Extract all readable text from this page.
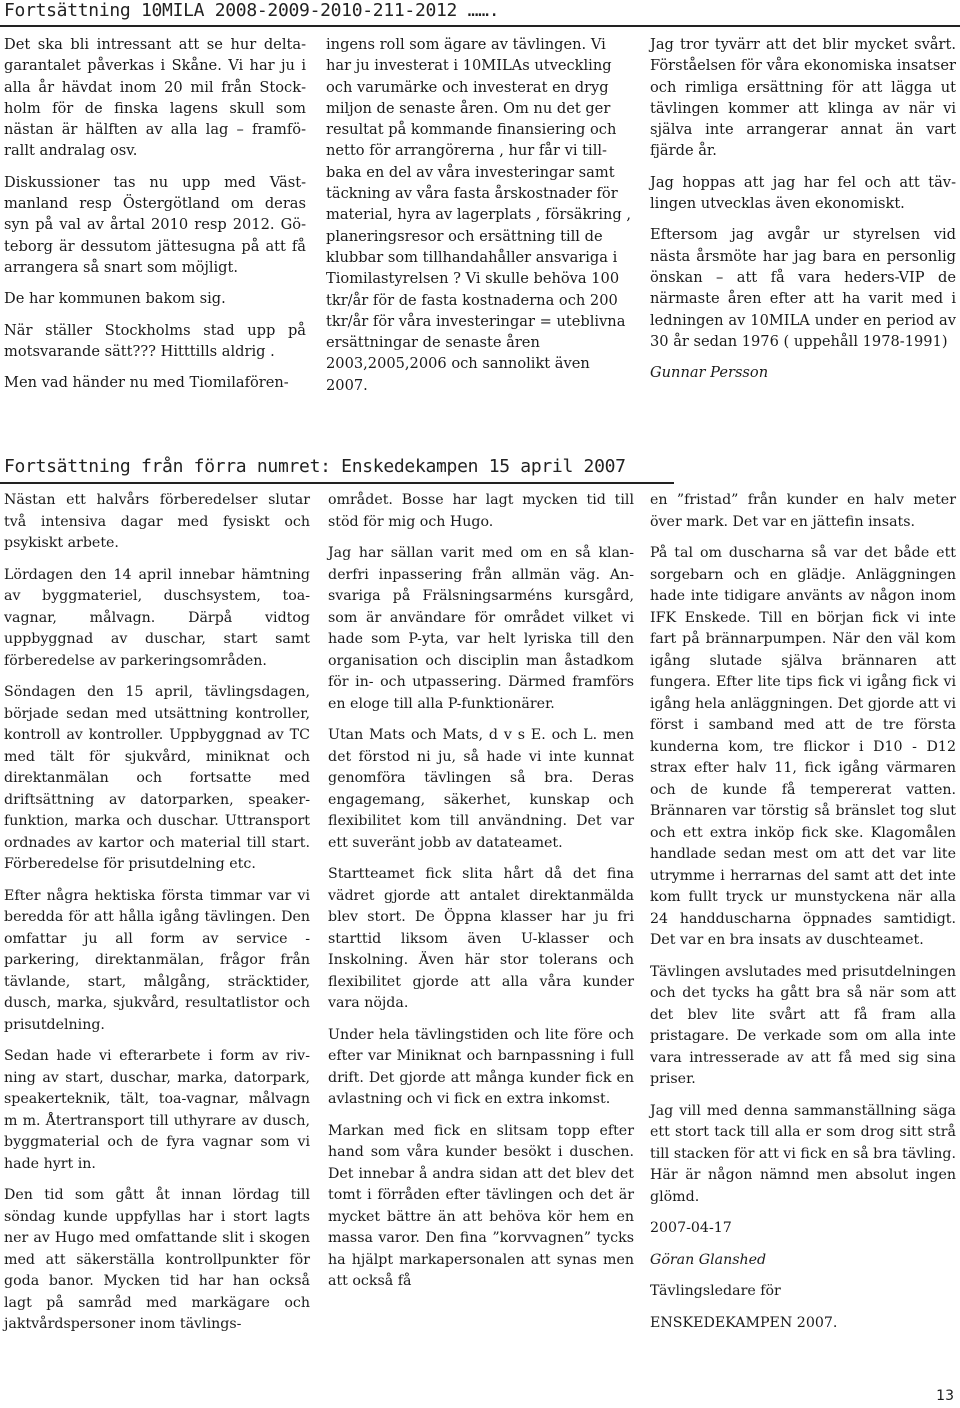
Fortsättning 10MILA 2008-2009-2010-211-2012 …….

Det ska bli intressant att se hur deltagarantalet påverkas i Skåne. Vi har ju i alla år hävdat inom 20 mil från Stockholm för de finska lagens skull som nästan är hälften av alla lag – framförallt andralag osv.

Diskussioner tas nu upp med Västmanland resp Östergötland om deras syn på val av årtal 2010 resp 2012. Göteborg är dessutom jättesugna på att få arrangera så snart som möjligt.

De har kommunen bakom sig.

När ställer Stockholms stad upp på motsvarande sätt??? Hitttills aldrig .

Men vad händer nu med Tiomilafören-

ingens roll som ägare av tävlingen. Vi har ju investerat i 10MILAs utveckling och varumärke och investerat en dryg miljon de senaste åren. Om nu det ger resultat på kommande finansiering och netto för arrangörerna , hur får vi tillbaka en del av våra investeringar samt täckning av våra fasta årskostnader för material, hyra av lagerplats , försäkring , planeringsresor och ersättning till de klubbar som tillhandahåller ansvariga i Tiomilastyrelsen ? Vi skulle behöva 100 tkr/år för de fasta kostnaderna och 200 tkr/år för våra investeringar = uteblivna ersättningar de senaste åren 2003,2005,2006 och sannolikt även 2007.

Jag tror tyvärr att det blir mycket svårt. Förståelsen för våra ekonomiska insatser och rimliga ersättning för att lägga ut tävlingen kommer att klinga av när vi själva inte arrangerar annat än vart fjärde år.

Jag hoppas att jag har fel och att tävlingen utvecklas även ekonomiskt.

Eftersom jag avgår ur styrelsen vid nästa årsmöte har jag bara en personlig önskan – att få vara heders-VIP de närmaste åren efter att ha varit med i ledningen av 10MILA under en period av 30 år sedan 1976 ( uppehåll 1978-1991)

Gunnar Persson

Fortsättning från förra numret: Enskedekampen 15 april 2007

Nästan ett halvårs förberedelser slutar två intensiva dagar med fysiskt och psykiskt arbete.

Lördagen den 14 april innebar hämtning av byggmateriel, duschsystem, toa-vagnar, målvagn. Därpå vidtog uppbyggnad av duschar, start samt förberedelse av parkeringsområden.

Söndagen den 15 april, tävlingsdagen, började sedan med utsättning kontroller, kontroll av kontroller. Uppbyggnad av TC med tält för sjukvård, miniknat och direktanmälan och fortsatte med driftsättning av datorparken, speakerfunktion, marka och duschar. Uttransport ordnades av kartor och material till start. Förberedelse för prisutdelning etc.

Efter några hektiska första timmar var vi beredda för att hålla igång tävlingen. Den omfattar ju all form av service - parkering, direktanmälan, frågor från tävlande, start, målgång, sträcktider, dusch, marka, sjukvård, resultatlistor och prisutdelning.

Sedan hade vi efterarbete i form av rivning av start, duschar, marka, datorpark, speakerteknik, tält, toa-vagnar, målvagn m m. Återtransport till uthyrare av dusch, byggmaterial och de fyra vagnar som vi hade hyrt in.

Den tid som gått åt innan lördag till söndag kunde uppfyllas har i stort lagts ner av Hugo med omfattande slit i skogen med att säkerställa kontrollpunkter för goda banor. Mycken tid har han också lagt på samråd med markägare och jaktvårdspersoner inom tävlings-

området. Bosse har lagt mycken tid till stöd för mig och Hugo.

Jag har sällan varit med om en så klanderfri inpassering från allmän väg. Ansvariga på Frälsningsarméns kursgård, som är användare för området vilket vi hade som P-yta, var helt lyriska till den organisation och disciplin man åstadkom för in- och utpassering. Därmed framförs en eloge till alla P-funktionärer.

Utan Mats och Mats, d v s E. och L. men det förstod ni ju, så hade vi inte kunnat genomföra tävlingen så bra. Deras engagemang, säkerhet, kunskap och flexibilitet kom till användning. Det var ett suveränt jobb av datateamet.

Startteamet fick slita hårt då det fina vädret gjorde att antalet direktanmälda blev stort. De Öppna klasser har ju fri starttid liksom även U-klasser och Inskolning. Även här stor tolerans och flexibilitet gjorde att alla våra kunder vara nöjda.

Under hela tävlingstiden och lite före och efter var Miniknat och barnpassning i full drift. Det gjorde att många kunder fick en avlastning och vi fick en extra inkomst.

Markan med fick en slitsam topp efter hand som våra kunder besökt i duschen. Det innebar å andra sidan att det blev det tomt i förråden efter tävlingen och det är mycket bättre än att behöva kör hem en massa varor. Den fina ”korvvagnen” tycks ha hjälpt markapersonalen att synas men att också få

en ”fristad” från kunder en halv meter över mark. Det var en jättefin insats.

På tal om duscharna så var det både ett sorgebarn och en glädje. Anläggningen hade inte tidigare använts av någon inom IFK Enskede. Till en början fick vi inte fart på brännarpumpen. När den väl kom igång slutade själva brännaren att fungera. Efter lite tips fick vi igång fick vi igång hela anläggningen. Det gjorde att vi först i samband med att de tre första kunderna kom, tre flickor i D10 - D12 strax efter halv 11, fick igång värmaren och de kunde få tempererat vatten. Brännaren var törstig så bränslet tog slut och ett extra inköp fick ske. Klagomålen handlade sedan mest om att det var lite utrymme i herrarnas del samt att det inte kom fullt tryck ur munstyckena när alla 24 handduscharna öppnades samtidigt. Det var en bra insats av duschteamet.

Tävlingen avslutades med prisutdelningen och det tycks ha gått bra så när som att det blev lite svårt att få fram alla pristagare. De verkade som om alla inte vara intresserade av att få med sig sina priser.

Jag vill med denna sammanställning säga ett stort tack till alla er som drog sitt strå till stacken för att vi fick en så bra tävling. Här är någon nämnd men absolut ingen glömd.

2007-04-17

Göran Glanshed

Tävlingsledare för

ENSKEDEKAMPEN 2007.

13
